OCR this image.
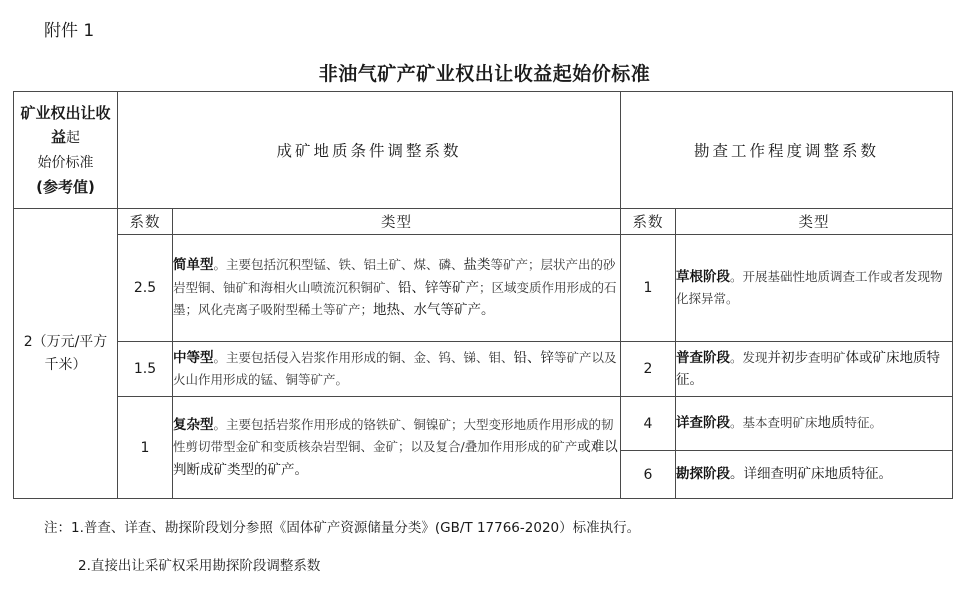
附件 1
非油气矿产矿业权出让收益起始价标准
矿业权出让收益起
始价标准
(参考值)	成矿地质条件调整系数		勘查工作程度调整系数	
2（万元/平方千米）	系数	类型	系数	类型
	2.5	简单型。主要包括沉积型锰、铁、铝土矿、煤、磷、盐类等矿产；层状产出的砂岩型铜、铀矿和海相火山喷流沉积铜矿、铅、锌等矿产；区域变质作用形成的石墨；风化壳离子吸附型稀土等矿产；地热、水气等矿产。	1	草根阶段。开展基础性地质调查工作或者发现物化探异常。
	1.5	中等型。主要包括侵入岩浆作用形成的铜、金、钨、锑、钼、铅、锌等矿产以及火山作用形成的锰、铜等矿产。	2	普查阶段。发现并初步查明矿体或矿床地质特征。
	1	复杂型。主要包括岩浆作用形成的铬铁矿、铜镍矿；大型变形地质作用形成的韧性剪切带型金矿和变质核杂岩型铜、金矿；以及复合/叠加作用形成的矿产或难以判断成矿类型的矿产。	4	详查阶段。基本查明矿床地质特征。
			6	勘探阶段。详细查明矿床地质特征。
注：1.普查、详查、勘探阶段划分参照《固体矿产资源储量分类》(GB/T 17766-2020）标准执行。
2.直接出让采矿权采用勘探阶段调整系数
